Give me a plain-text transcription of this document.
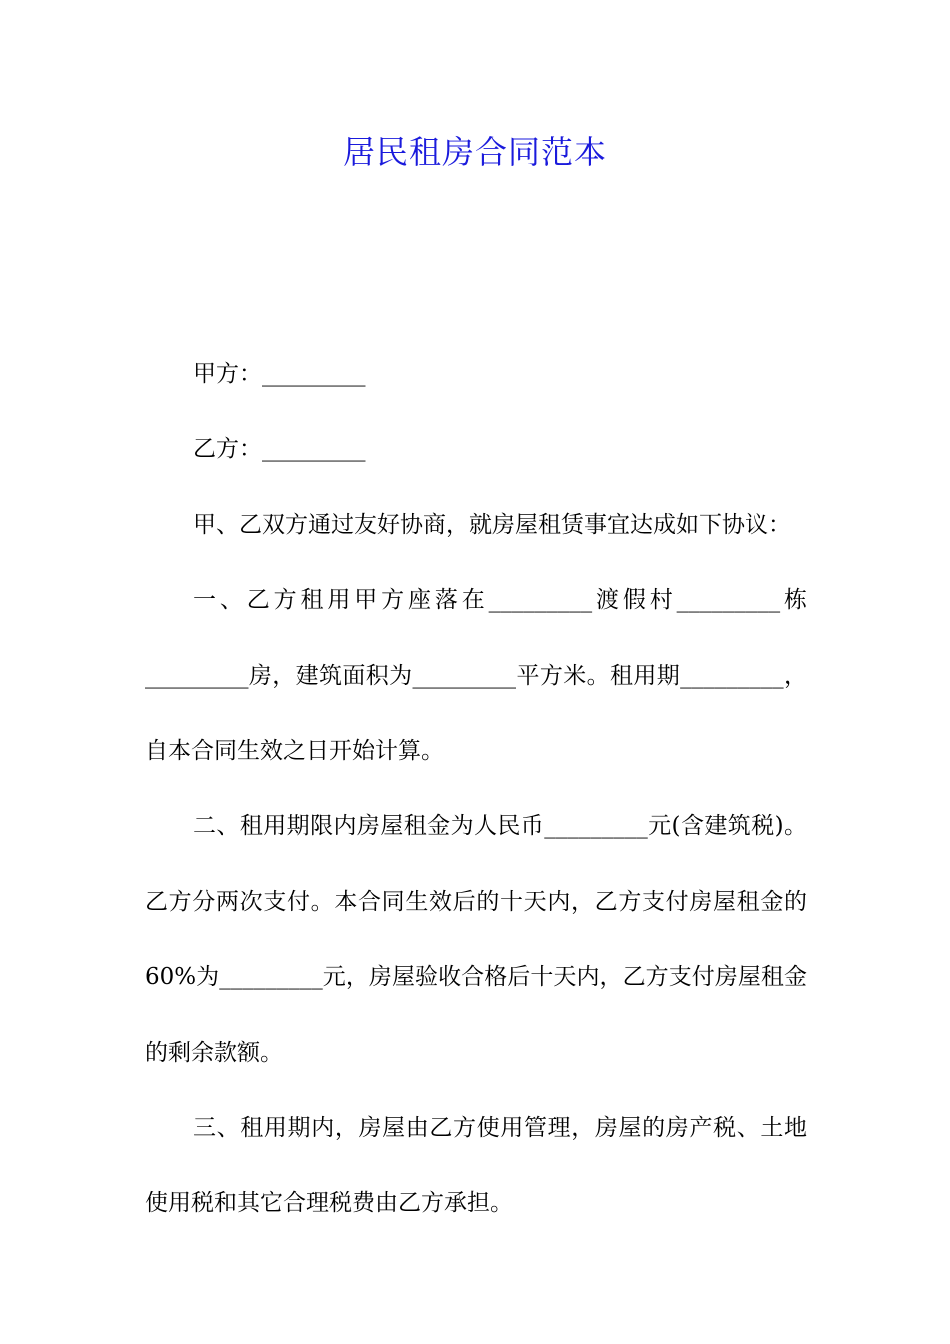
居民租房合同范本

甲方：_________

乙方：_________

甲、乙双方通过友好协商，就房屋租赁事宜达成如下协议：

一、乙方租用甲方座落在_________渡假村_________栋_________房，建筑面积为_________平方米。租用期_________，自本合同生效之日开始计算。

二、租用期限内房屋租金为人民币_________元(含建筑税)。乙方分两次支付。本合同生效后的十天内，乙方支付房屋租金的60%为_________元，房屋验收合格后十天内，乙方支付房屋租金的剩余款额。

三、租用期内，房屋由乙方使用管理，房屋的房产税、土地使用税和其它合理税费由乙方承担。
